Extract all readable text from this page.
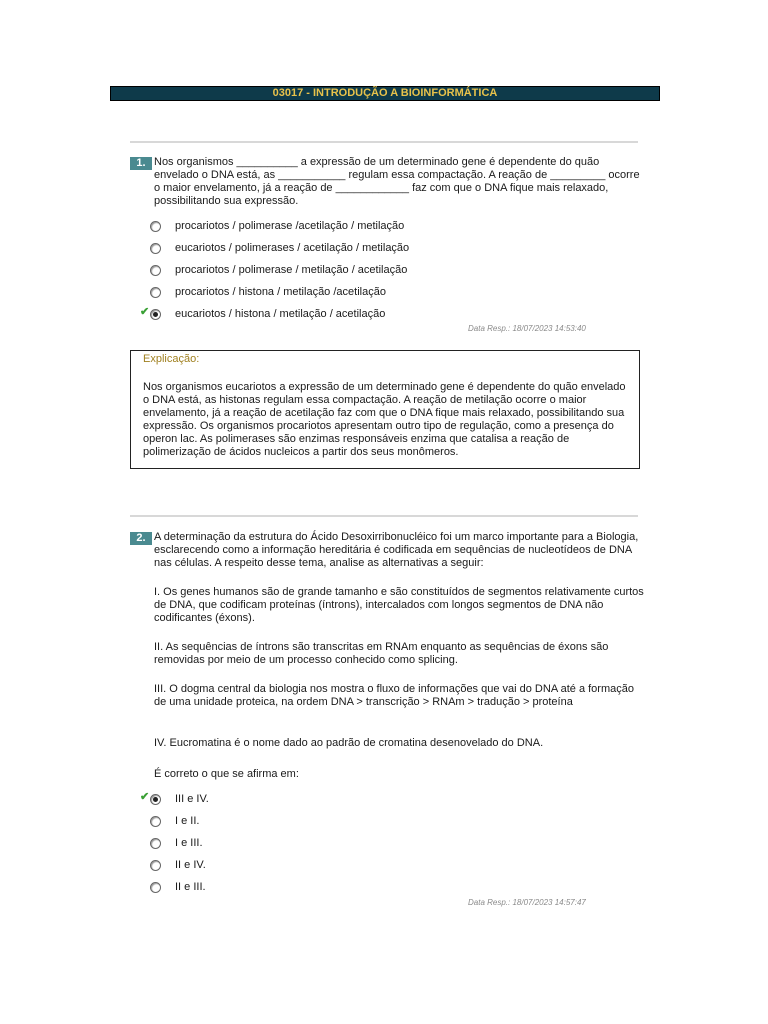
03017 - INTRODUÇÃO A BIOINFORMÁTICA
1. Nos organismos __________ a expressão de um determinado gene é dependente do quão envelado o DNA está, as ___________ regulam essa compactação. A reação de _________ ocorre o maior envelamento, já a reação de ____________ faz com que o DNA fique mais relaxado, possibilitando sua expressão.
procariotos / polimerase /acetilação / metilação
eucariotos / polimerases / acetilação / metilação
procariotos / polimerase / metilação / acetilação
procariotos / histona / metilação /acetilação
✔ eucariotos / histona / metilação / acetilação
Data Resp.: 18/07/2023 14:53:40
Explicação:
Nos organismos eucariotos a expressão de um determinado gene é dependente do quão envelado o DNA está, as histonas regulam essa compactação. A reação de metilação ocorre o maior envelamento, já a reação de acetilação faz com que o DNA fique mais relaxado, possibilitando sua expressão. Os organismos procariotos apresentam outro tipo de regulação, como a presença do operon lac. As polimerases são enzimas responsáveis enzima que catalisa a reação de polimerização de ácidos nucleicos a partir dos seus monômeros.
2. A determinação da estrutura do Ácido Desoxirribonucléico foi um marco importante para a Biologia, esclarecendo como a informação hereditária é codificada em sequências de nucleotídeos de DNA nas células. A respeito desse tema, analise as alternativas a seguir:
I. Os genes humanos são de grande tamanho e são constituídos de segmentos relativamente curtos de DNA, que codificam proteínas (íntrons), intercalados com longos segmentos de DNA não codificantes (éxons).
II. As sequências de íntrons são transcritas em RNAm enquanto as sequências de éxons são removidas por meio de um processo conhecido como splicing.
III. O dogma central da biologia nos mostra o fluxo de informações que vai do DNA até a formação de uma unidade proteica, na ordem DNA > transcrição > RNAm > tradução > proteína
IV. Eucromatina é o nome dado ao padrão de cromatina desenovelado do DNA.
É correto o que se afirma em:
✔ III e IV.
I e II.
I e III.
II e IV.
II e III.
Data Resp.: 18/07/2023 14:57:47
